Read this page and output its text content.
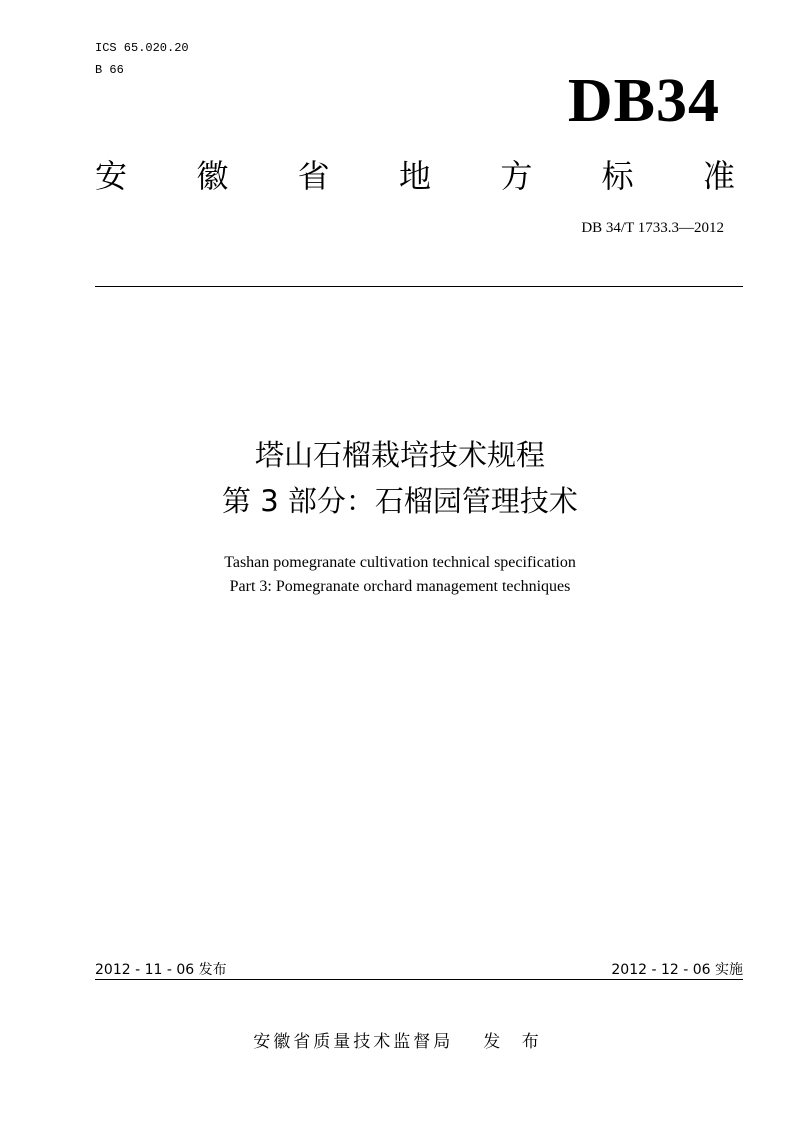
ICS 65.020.20
B 66	DB34
安 徽 省 地 方 标 准
DB 34/T 1733.3—2012
塔山石榴栽培技术规程
第 3 部分：石榴园管理技术
Tashan pomegranate cultivation technical specification
Part 3: Pomegranate orchard management techniques
2012 - 11 - 06 发布	2012 - 12 - 06 实施
安徽省质量技术监督局 发 布
